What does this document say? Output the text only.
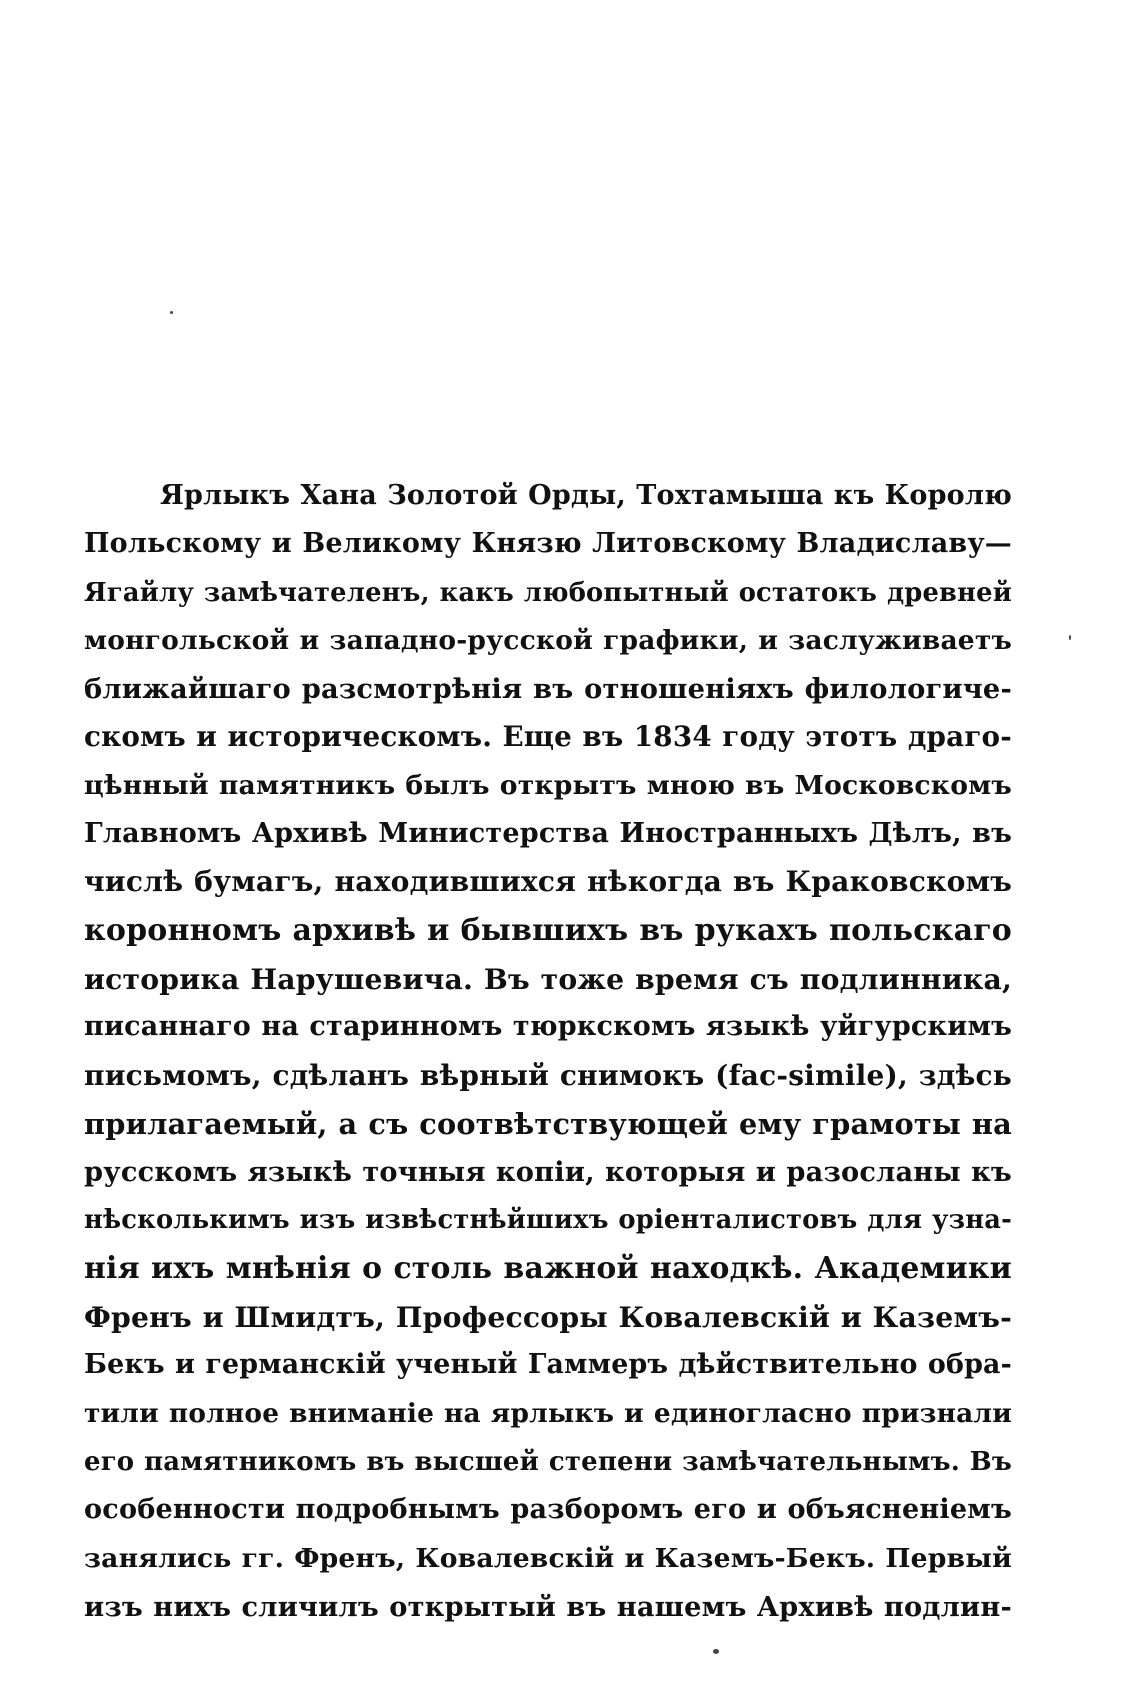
Ярлыкъ Хана Золотой Орды, Тохтамыша къ Королю
Польскому и Великому Князю Литовскому Владиславу—
Ягайлу замѣчателенъ, какъ любопытный остатокъ древней
монгольской и западно-русской графики, и заслуживаетъ
ближайшаго разсмотрѣнія въ отношеніяхъ филологиче-
скомъ и историческомъ. Еще въ 1834 году этотъ драго-
цѣнный памятникъ былъ открытъ мною въ Московскомъ
Главномъ Архивѣ Министерства Иностранныхъ Дѣлъ, въ
числѣ бумагъ, находившихся нѣкогда въ Краковскомъ
коронномъ архивѣ и бывшихъ въ рукахъ польскаго
историка Нарушевича. Въ тоже время съ подлинника,
писаннаго на старинномъ тюркскомъ языкѣ уйгурскимъ
письмомъ, сдѣланъ вѣрный снимокъ (fac-simile), здѣсь
прилагаемый, а съ соотвѣтствующей ему грамоты на
русскомъ языкѣ точныя копіи, которыя и разосланы къ
нѣсколькимъ изъ извѣстнѣйшихъ оріенталистовъ для узна-
нія ихъ мнѣнія о столь важной находкѣ. Академики
Френъ и Шмидтъ, Профессоры Ковалевскій и Каземъ-
Бекъ и германскій ученый Гаммеръ дѣйствительно обра-
тили полное вниманіе на ярлыкъ и единогласно признали
его памятникомъ въ высшей степени замѣчательнымъ. Въ
особенности подробнымъ разборомъ его и объясненіемъ
занялись гг. Френъ, Ковалевскій и Каземъ-Бекъ. Первый
изъ нихъ сличилъ открытый въ нашемъ Архивѣ подлин-
